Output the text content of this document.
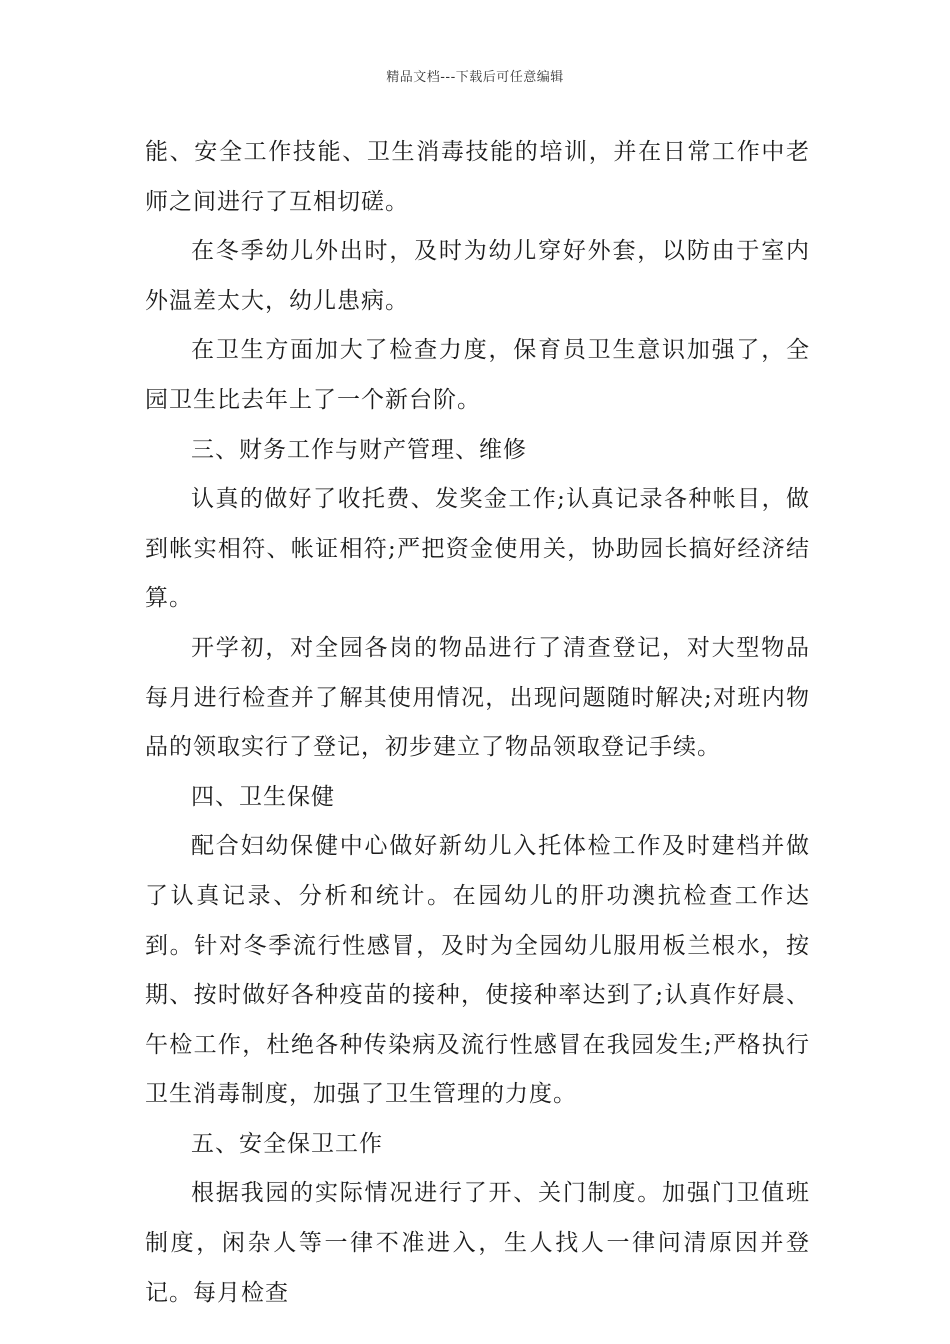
精品文档---下载后可任意编辑

能、安全工作技能、卫生消毒技能的培训，并在日常工作中老师之间进行了互相切磋。

在冬季幼儿外出时，及时为幼儿穿好外套，以防由于室内外温差太大，幼儿患病。

在卫生方面加大了检查力度，保育员卫生意识加强了，全园卫生比去年上了一个新台阶。

三、财务工作与财产管理、维修

认真的做好了收托费、发奖金工作;认真记录各种帐目，做到帐实相符、帐证相符;严把资金使用关，协助园长搞好经济结算。

开学初，对全园各岗的物品进行了清查登记，对大型物品每月进行检查并了解其使用情况，出现问题随时解决;对班内物品的领取实行了登记，初步建立了物品领取登记手续。

四、卫生保健

配合妇幼保健中心做好新幼儿入托体检工作及时建档并做了认真记录、分析和统计。在园幼儿的肝功澳抗检查工作达到。针对冬季流行性感冒，及时为全园幼儿服用板兰根水，按期、按时做好各种疫苗的接种，使接种率达到了;认真作好晨、午检工作，杜绝各种传染病及流行性感冒在我园发生;严格执行卫生消毒制度，加强了卫生管理的力度。

五、安全保卫工作

根据我园的实际情况进行了开、关门制度。加强门卫值班制度，闲杂人等一律不准进入，生人找人一律问清原因并登记。每月检查
